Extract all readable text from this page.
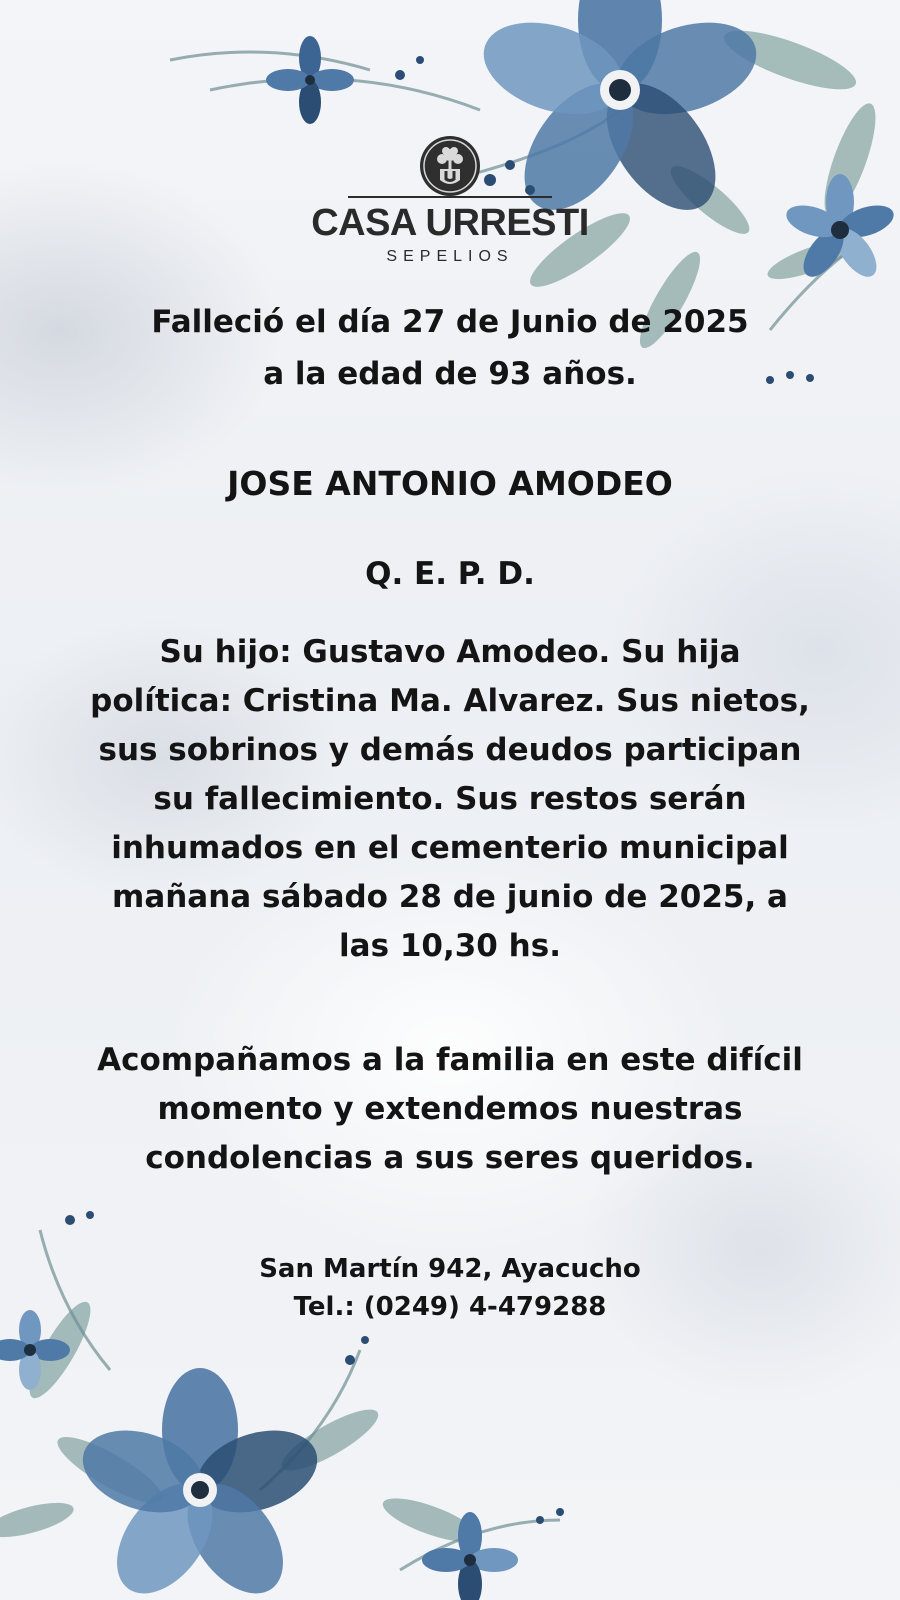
CASA URRESTI
SEPELIOS
Falleció el día 27 de Junio de 2025
a la edad de 93 años.
JOSE ANTONIO AMODEO
Q. E. P. D.
Su hijo: Gustavo Amodeo. Su hija
política: Cristina Ma. Alvarez. Sus nietos,
sus sobrinos y demás deudos participan
su fallecimiento. Sus restos serán
inhumados en el cementerio municipal
mañana sábado 28 de junio de 2025, a
las 10,30 hs.
Acompañamos a la familia en este difícil
momento y extendemos nuestras
condolencias a sus seres queridos.
San Martín 942, Ayacucho
Tel.: (0249) 4-479288
